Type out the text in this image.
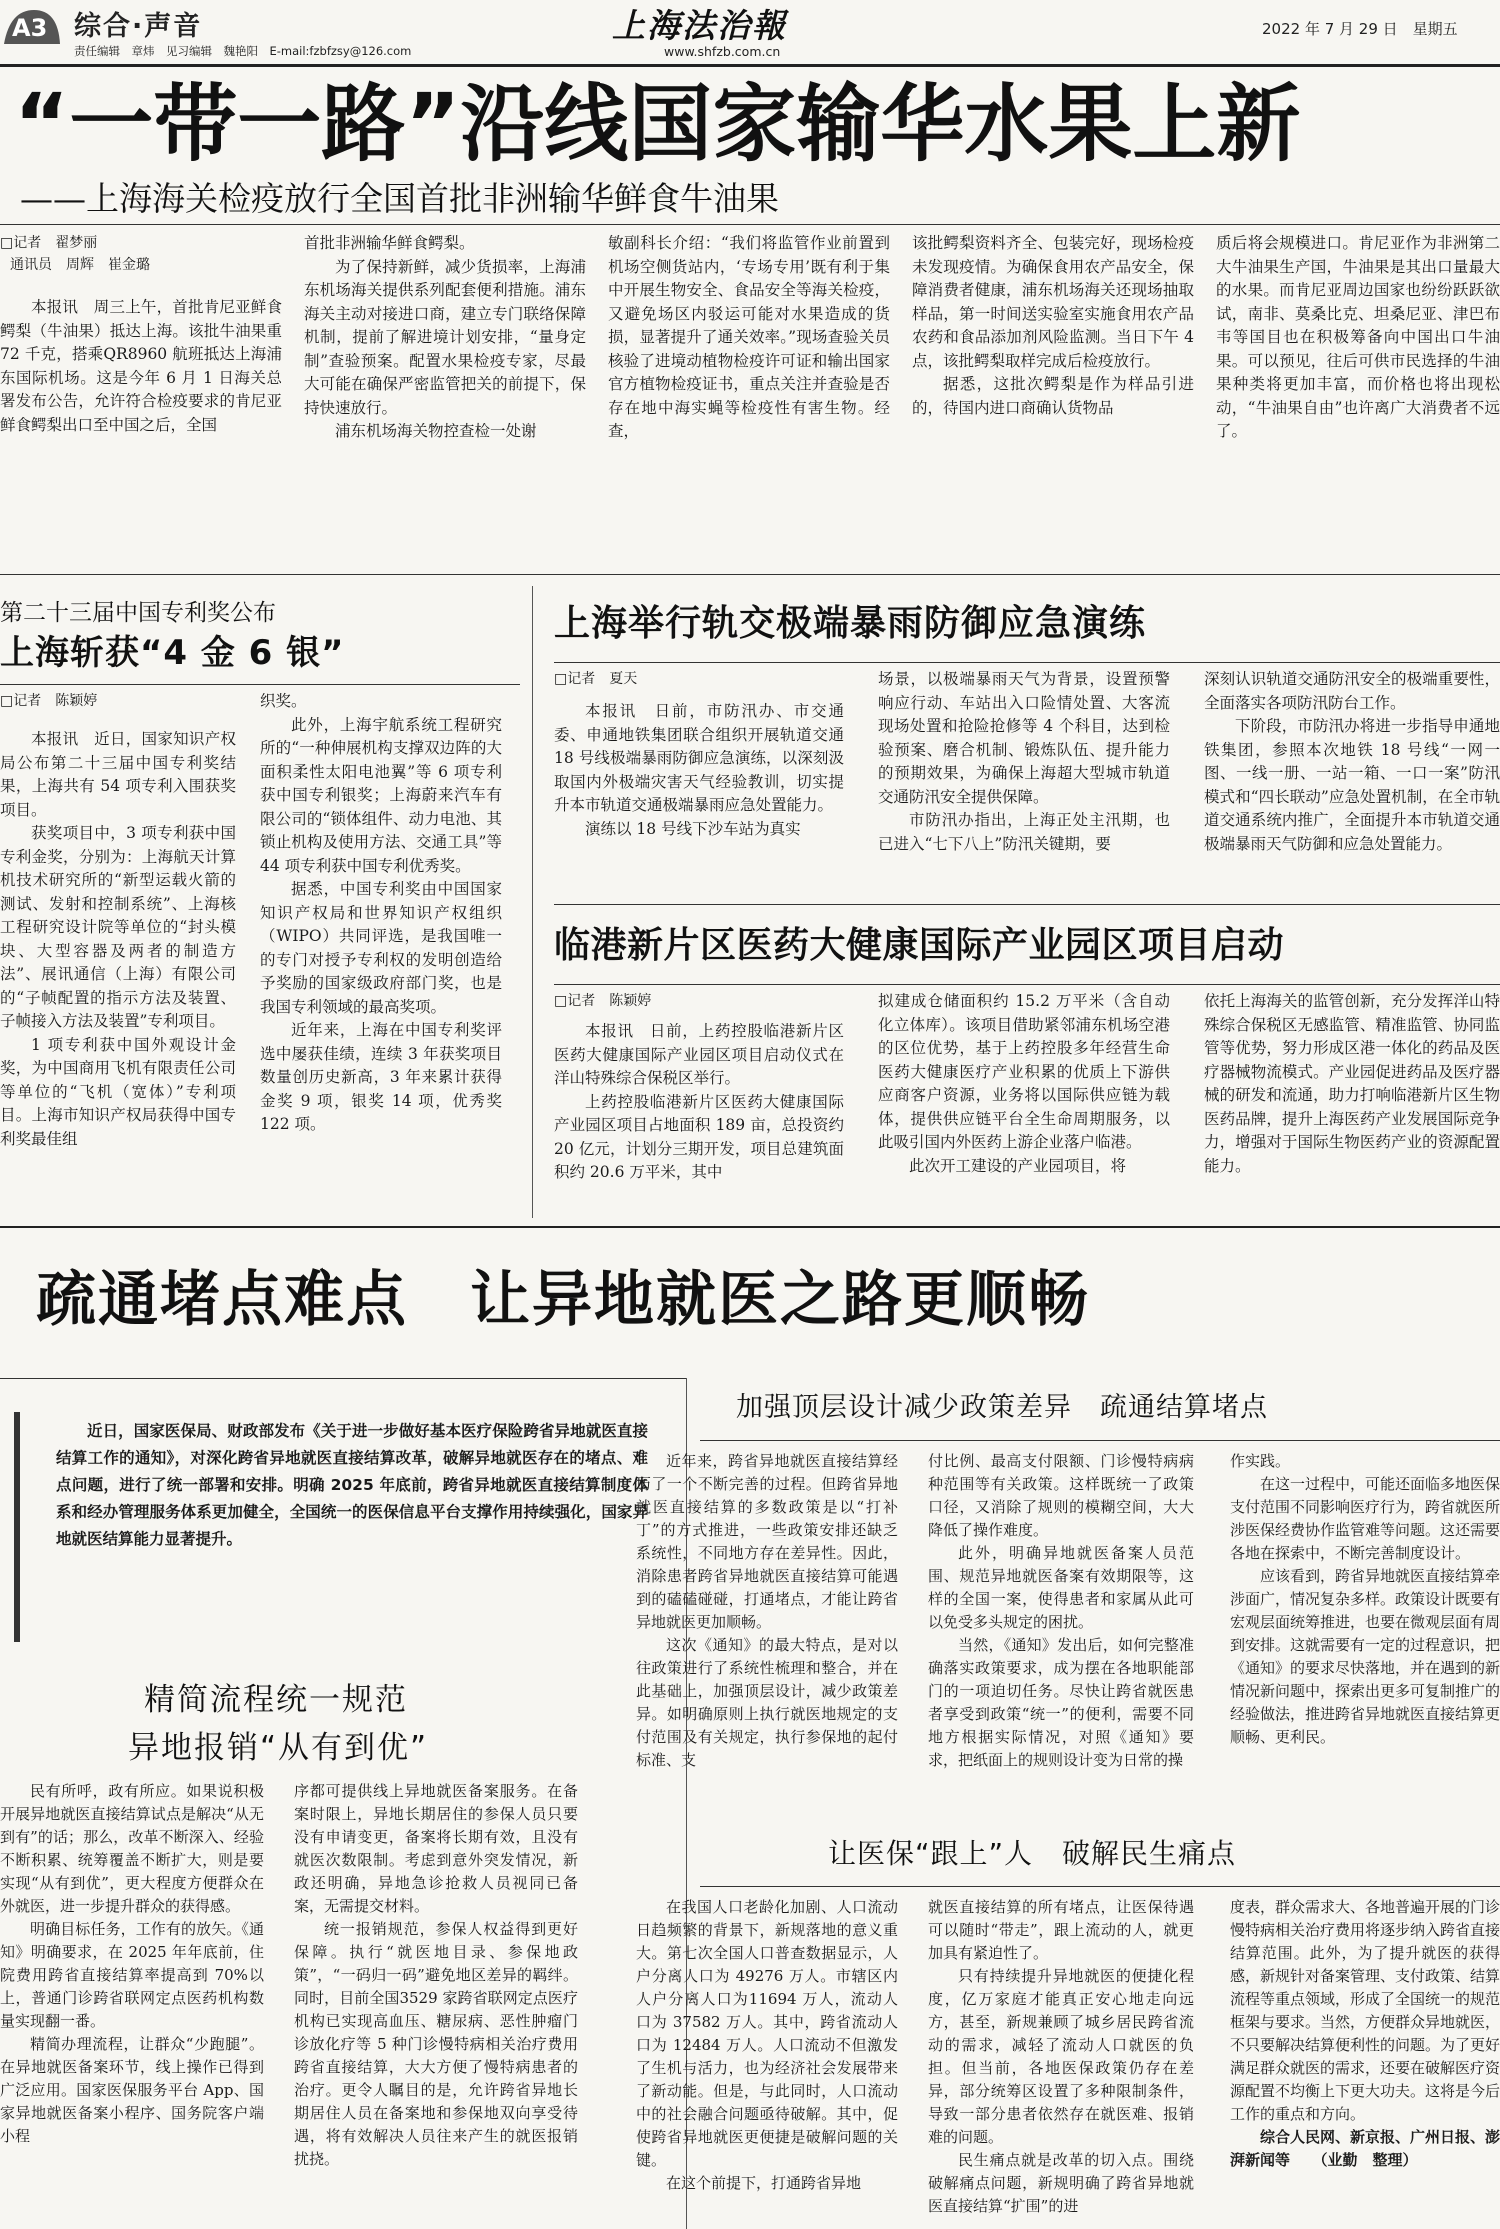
A3 综合·声音
责任编辑　章炜　见习编辑　魏艳阳　E-mail:fzbfzsy@126.com
上海法治報
www.shfzb.com.cn
2022 年 7 月 29 日　星期五
“一带一路”沿线国家输华水果上新
——上海海关检疫放行全国首批非洲输华鲜食牛油果
□记者　翟梦丽
通讯员　周辉　崔金璐

本报讯　周三上午，首批肯尼亚鲜食鳄梨（牛油果）抵达上海。该批牛油果重 72 千克，搭乘QR8960 航班抵达上海浦东国际机场。这是今年 6 月 1 日海关总署发布公告，允许符合检疫要求的肯尼亚鲜食鳄梨出口至中国之后，全国

首批非洲输华鲜食鳄梨。

为了保持新鲜，减少货损率，上海浦东机场海关提供系列配套便利措施。浦东海关主动对接进口商，建立专门联络保障机制，提前了解进境计划安排，“量身定制”查验预案。配置水果检疫专家，尽最大可能在确保严密监管把关的前提下，保持快速放行。

浦东机场海关物控查检一处谢

敏副科长介绍：“我们将监管作业前置到机场空侧货站内，‘专场专用’既有利于集中开展生物安全、食品安全等海关检疫，又避免场区内驳运可能对水果造成的货损，显著提升了通关效率。”现场查验关员核验了进境动植物检疫许可证和输出国家官方植物检疫证书，重点关注并查验是否存在地中海实蝇等检疫性有害生物。经查，

该批鳄梨资料齐全、包装完好，现场检疫未发现疫情。为确保食用农产品安全，保障消费者健康，浦东机场海关还现场抽取样品，第一时间送实验室实施食用农产品农药和食品添加剂风险监测。当日下午 4 点，该批鳄梨取样完成后检疫放行。

据悉，这批次鳄梨是作为样品引进的，待国内进口商确认货物品

质后将会规模进口。肯尼亚作为非洲第二大牛油果生产国，牛油果是其出口量最大的水果。而肯尼亚周边国家也纷纷跃跃欲试，南非、莫桑比克、坦桑尼亚、津巴布韦等国目也在积极筹备向中国出口牛油果。可以预见，往后可供市民选择的牛油果种类将更加丰富，而价格也将出现松动，“牛油果自由”也许离广大消费者不远了。

第二十三届中国专利奖公布
上海斩获“4 金 6 银”
□记者　陈颖婷

本报讯　近日，国家知识产权局公布第二十三届中国专利奖结果，上海共有 54 项专利入围获奖项目。

获奖项目中，3 项专利获中国专利金奖，分别为：上海航天计算机技术研究所的“新型运载火箭的测试、发射和控制系统”、上海核工程研究设计院等单位的“封头模块、大型容器及两者的制造方法”、展讯通信（上海）有限公司的“子帧配置的指示方法及装置、子帧接入方法及装置”专利项目。

1 项专利获中国外观设计金奖，为中国商用飞机有限责任公司等单位的“飞机（宽体）”专利项目。上海市知识产权局获得中国专利奖最佳组

织奖。

此外，上海宇航系统工程研究所的“一种伸展机构支撑双边阵的大面积柔性太阳电池翼”等 6 项专利获中国专利银奖；上海蔚来汽车有限公司的“锁体组件、动力电池、其锁止机构及使用方法、交通工具”等 44 项专利获中国专利优秀奖。

据悉，中国专利奖由中国国家知识产权局和世界知识产权组织（WIPO）共同评选，是我国唯一的专门对授予专利权的发明创造给予奖励的国家级政府部门奖，也是我国专利领域的最高奖项。

近年来，上海在中国专利奖评选中屡获佳绩，连续 3 年获奖项目数量创历史新高，3 年来累计获得金奖 9 项，银奖 14 项，优秀奖 122 项。

上海举行轨交极端暴雨防御应急演练
□记者　夏天

本报讯　日前，市防汛办、市交通委、申通地铁集团联合组织开展轨道交通 18 号线极端暴雨防御应急演练，以深刻汲取国内外极端灾害天气经验教训，切实提升本市轨道交通极端暴雨应急处置能力。

演练以 18 号线下沙车站为真实

场景，以极端暴雨天气为背景，设置预警响应行动、车站出入口险情处置、大客流现场处置和抢险抢修等 4 个科目，达到检验预案、磨合机制、锻炼队伍、提升能力的预期效果，为确保上海超大型城市轨道交通防汛安全提供保障。

市防汛办指出，上海正处主汛期，也已进入“七下八上”防汛关键期，要

深刻认识轨道交通防汛安全的极端重要性，全面落实各项防汛防台工作。

下阶段，市防汛办将进一步指导申通地铁集团，参照本次地铁 18 号线“一网一图、一线一册、一站一箱、一口一案”防汛模式和“四长联动”应急处置机制，在全市轨道交通系统内推广，全面提升本市轨道交通极端暴雨天气防御和应急处置能力。

临港新片区医药大健康国际产业园区项目启动
□记者　陈颖婷

本报讯　日前，上药控股临港新片区医药大健康国际产业园区项目启动仪式在洋山特殊综合保税区举行。

上药控股临港新片区医药大健康国际产业园区项目占地面积 189 亩，总投资约 20 亿元，计划分三期开发，项目总建筑面积约 20.6 万平米，其中

拟建成仓储面积约 15.2 万平米（含自动化立体库）。该项目借助紧邻浦东机场空港的区位优势，基于上药控股多年经营生命医药大健康医疗产业积累的优质上下游供应商客户资源，业务将以国际供应链为载体，提供供应链平台全生命周期服务，以此吸引国内外医药上游企业落户临港。

此次开工建设的产业园项目，将

依托上海海关的监管创新，充分发挥洋山特殊综合保税区无感监管、精准监管、协同监管等优势，努力形成区港一体化的药品及医疗器械物流模式。产业园促进药品及医疗器械的研发和流通，助力打响临港新片区生物医药品牌，提升上海医药产业发展国际竞争力，增强对于国际生物医药产业的资源配置能力。

疏通堵点难点　让异地就医之路更顺畅

近日，国家医保局、财政部发布《关于进一步做好基本医疗保险跨省异地就医直接结算工作的通知》，对深化跨省异地就医直接结算改革，破解异地就医存在的堵点、难点问题，进行了统一部署和安排。明确 2025 年底前，跨省异地就医直接结算制度体系和经办管理服务体系更加健全，全国统一的医保信息平台支撑作用持续强化，国家异地就医结算能力显著提升。

精简流程统一规范
异地报销“从有到优”

民有所呼，政有所应。如果说积极开展异地就医直接结算试点是解决“从无到有”的话；那么，改革不断深入、经验不断积累、统筹覆盖不断扩大，则是要实现“从有到优”，更大程度方便群众在外就医，进一步提升群众的获得感。

明确目标任务，工作有的放矢。《通知》明确要求，在 2025 年年底前，住院费用跨省直接结算率提高到 70%以上，普通门诊跨省联网定点医药机构数量实现翻一番。

精简办理流程，让群众“少跑腿”。在异地就医备案环节，线上操作已得到广泛应用。国家医保服务平台 App、国家异地就医备案小程序、国务院客户端小程

序都可提供线上异地就医备案服务。在备案时限上，异地长期居住的参保人员只要没有申请变更，备案将长期有效，且没有就医次数限制。考虑到意外突发情况，新政还明确，异地急诊抢救人员视同已备案，无需提交材料。

统一报销规范，参保人权益得到更好保障。执行“就医地目录、参保地政策”，“一码归一码”避免地区差异的羁绊。同时，目前全国3529 家跨省联网定点医疗机构已实现高血压、糖尿病、恶性肿瘤门诊放化疗等 5 种门诊慢特病相关治疗费用跨省直接结算，大大方便了慢特病患者的治疗。更令人瞩目的是，允许跨省异地长期居住人员在备案地和参保地双向享受待遇，将有效解决人员往来产生的就医报销扰挠。

加强顶层设计减少政策差异　疏通结算堵点

近年来，跨省异地就医直接结算经历了一个不断完善的过程。但跨省异地就医直接结算的多数政策是以“打补丁”的方式推进，一些政策安排还缺乏系统性，不同地方存在差异性。因此，消除患者跨省异地就医直接结算可能遇到的磕磕碰碰，打通堵点，才能让跨省异地就医更加顺畅。

这次《通知》的最大特点，是对以往政策进行了系统性梳理和整合，并在此基础上，加强顶层设计，减少政策差异。如明确原则上执行就医地规定的支付范围及有关规定，执行参保地的起付标准、支

付比例、最高支付限额、门诊慢特病病种范围等有关政策。这样既统一了政策口径，又消除了规则的模糊空间，大大降低了操作难度。

此外，明确异地就医备案人员范围、规范异地就医备案有效期限等，这样的全国一案，使得患者和家属从此可以免受多头规定的困扰。

当然，《通知》发出后，如何完整准确落实政策要求，成为摆在各地职能部门的一项迫切任务。尽快让跨省就医患者享受到政策“统一”的便利，需要不同地方根据实际情况，对照《通知》要求，把纸面上的规则设计变为日常的操

作实践。

在这一过程中，可能还面临多地医保支付范围不同影响医疗行为，跨省就医所涉医保经费协作监管难等问题。这还需要各地在探索中，不断完善制度设计。

应该看到，跨省异地就医直接结算牵涉面广，情况复杂多样。政策设计既要有宏观层面统筹推进，也要在微观层面有周到安排。这就需要有一定的过程意识，把《通知》的要求尽快落地，并在遇到的新情况新问题中，探索出更多可复制推广的经验做法，推进跨省异地就医直接结算更顺畅、更利民。

让医保“跟上”人　破解民生痛点

在我国人口老龄化加剧、人口流动日趋频繁的背景下，新规落地的意义重大。第七次全国人口普查数据显示，人户分离人口为 49276 万人。市辖区内人户分离人口为11694 万人，流动人口为 37582 万人。其中，跨省流动人口为 12484 万人。人口流动不但激发了生机与活力，也为经济社会发展带来了新动能。但是，与此同时，人口流动中的社会融合问题亟待破解。其中，促使跨省异地就医更便捷是破解问题的关键。

在这个前提下，打通跨省异地

就医直接结算的所有堵点，让医保待遇可以随时“带走”，跟上流动的人，就更加具有紧迫性了。

只有持续提升异地就医的便捷化程度，亿万家庭才能真正安心地走向远方，甚至，新规兼顾了城乡居民跨省流动的需求，减轻了流动人口就医的负担。但当前，各地医保政策仍存在差异，部分统筹区设置了多种限制条件，导致一部分患者依然存在就医难、报销难的问题。

民生痛点就是改革的切入点。围绕破解痛点问题，新规明确了跨省异地就医直接结算“扩围”的进

度表，群众需求大、各地普遍开展的门诊慢特病相关治疗费用将逐步纳入跨省直接结算范围。此外，为了提升就医的获得感，新规针对备案管理、支付政策、结算流程等重点领域，形成了全国统一的规范框架与要求。当然，方便群众异地就医，不只要解决结算便利性的问题。为了更好满足群众就医的需求，还要在破解医疗资源配置不均衡上下更大功夫。这将是今后工作的重点和方向。

综合人民网、新京报、广州日报、澎湃新闻等　　（业勤　整理）
